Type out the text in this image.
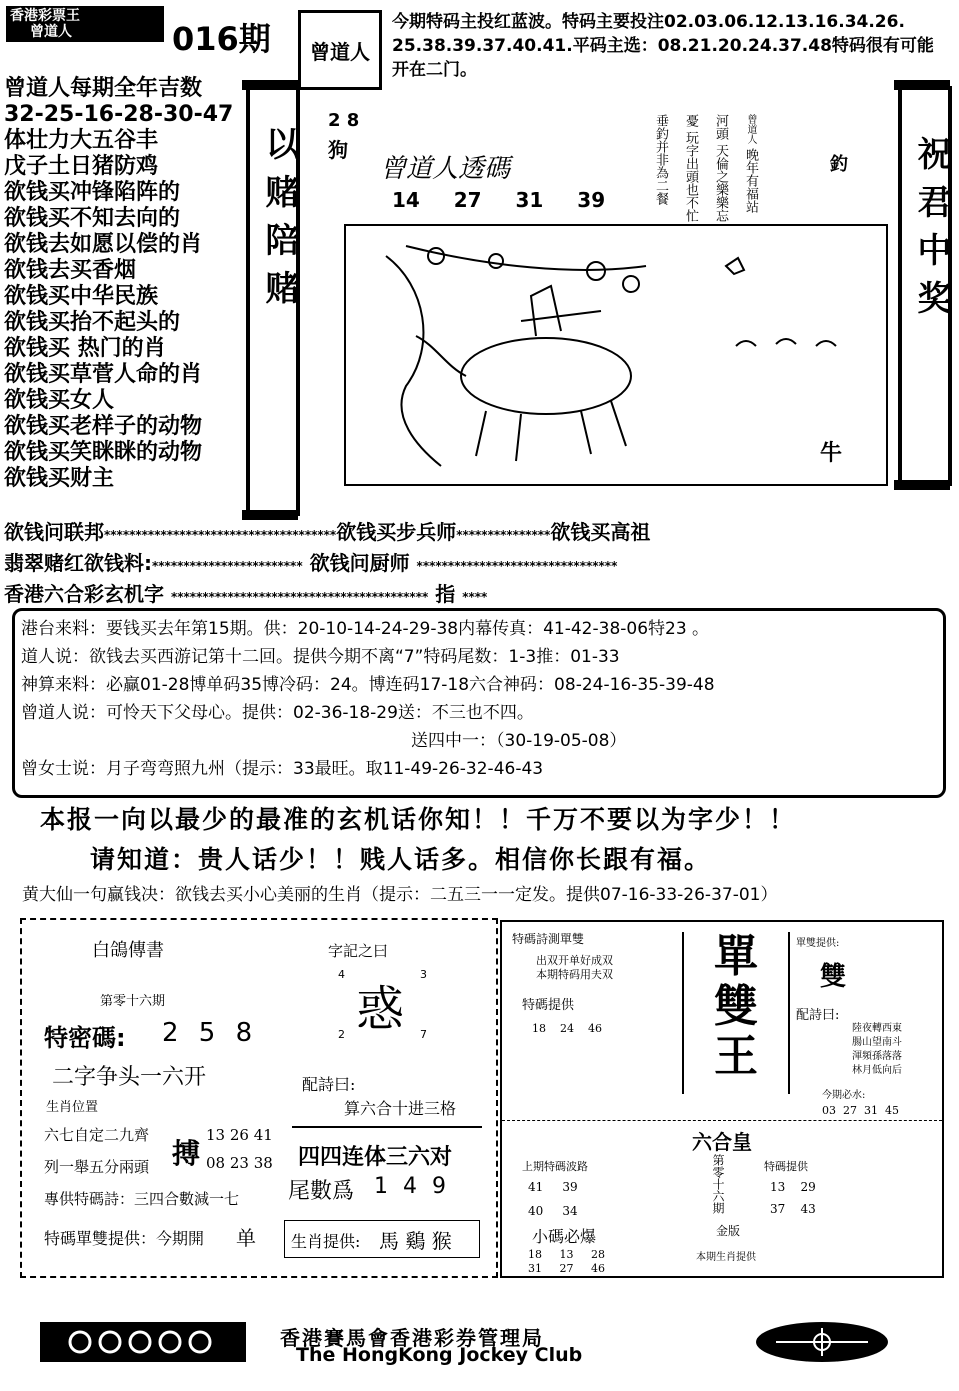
香港彩票王
曾道人	016期 曾道人
今期特码主投红蓝波。特码主要投注02.03.06.12.13.16.34.26.
25.38.39.37.40.41.平码主选：08.21.20.24.37.48特码很有可能
开在二门。
曾道人每期全年吉数
32-25-16-28-30-47
体壮力大五谷丰
戊子土日猪防鸡
欲钱买冲锋陷阵的
欲钱买不知去向的
欲钱去如愿以偿的肖
欲钱去买香烟
欲钱买中华民族
欲钱买抬不起头的
欲钱买 热门的肖
欲钱买草菅人命的肖
欲钱买女人
欲钱买老样子的动物
欲钱买笑眯眯的动物
欲钱买财主
以赌陪赌
2 8
狗
曾道人透碼
14  27  31  39
曾道人 晚年有福站河頭 天倫之樂樂忘憂 玩字出頭也不忙 垂釣并非為二餐	釣
牛
祝君中奖
欲钱问联邦*************************************欲钱买步兵师***************欲钱买高祖
翡翠赌红欲钱料:************************ 欲钱问厨师 ********************************
香港六合彩玄机字 ***************************************** 指 ****
港台来料：要钱买去年第15期。供：20-10-14-24-29-38内幕传真：41-42-38-06特23 。
道人说：欲钱去买西游记第十二回。提供今期不离“7”特码尾数：1-3推：01-33
神算来料：必赢01-28博单码35博冷码：24。博连码17-18六合神码：08-24-16-35-39-48
曾道人说：可怜天下父母心。提供：02-36-18-29送：不三也不四。
送四中一：（30-19-05-08）
曾女士说：月子弯弯照九州（提示：33最旺。取11-49-26-32-46-43
本报一向以最少的最准的玄机话你知！！千万不要以为字少！！
请知道：贵人话少！！贱人话多。相信你长跟有福。
黄大仙一句赢钱决：欲钱去买小心美丽的生肖（提示：二五三一一定发。提供07-16-33-26-37-01）
白鴿傳書
第零十六期
特密碼: 2 5 8
二字争头一六开
生肖位置
六七自定二九齊
列一舉五分兩頭 搏
13 26 41
08 23 38
專供特碼詩：三四合數減一七
特碼單雙提供：今期開 单
字記之曰
4	3
惑
2	7
配詩曰:
算六合十进三格
四四连体三六对
尾數爲 1 4 9
生肖提供: 馬 鷄 猴
特碼詩測單雙
出双开单好成双
本期特码用夫双
特碼提供
18    24    46
單
雙
王
單雙提供:
雙
配詩曰:
陸夜轉西東
腸山望南斗
渾頻孫落落
林月低向后
今期必水:
03  27  31  45
六合皇
上期特碼波路
41     39
40     34	第零十六期
金版
特碼提供
13    29
37    43
小碼必爆
18     13     28
31     27     46
本期生肖提供
香港賽馬會香港彩券管理局
The HongKong Jockey Club
